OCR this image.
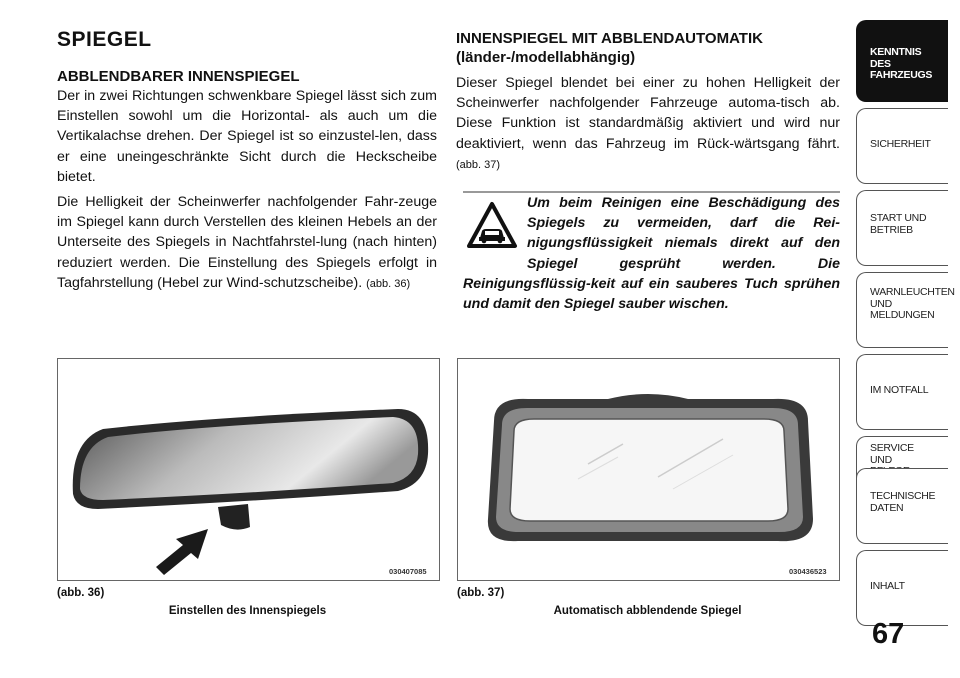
SPIEGEL
ABBLENDBARER INNENSPIEGEL
Der in zwei Richtungen schwenkbare Spiegel lässt sich zum Einstellen sowohl um die Horizontal- als auch um die Vertikalachse drehen. Der Spiegel ist so einzustel-len, dass er eine uneingeschränkte Sicht durch die Heckscheibe bietet.
Die Helligkeit der Scheinwerfer nachfolgender Fahr-zeuge im Spiegel kann durch Verstellen des kleinen Hebels an der Unterseite des Spiegels in Nachtfahrstel-lung (nach hinten) reduziert werden. Die Einstellung des Spiegels erfolgt in Tagfahrstellung (Hebel zur Wind-schutzscheibe). (abb. 36)
INNENSPIEGEL MIT ABBLENDAUTOMATIK
(länder-/modellabhängig)
Dieser Spiegel blendet bei einer zu hohen Helligkeit der Scheinwerfer nachfolgender Fahrzeuge automa-tisch ab. Diese Funktion ist standardmäßig aktiviert und wird nur deaktiviert, wenn das Fahrzeug im Rück-wärtsgang fährt. (abb. 37)
Um beim Reinigen eine Beschädigung des Spiegels zu vermeiden, darf die Rei-nigungsflüssigkeit niemals direkt auf den Spiegel gesprüht werden. Die Reinigungsflüssig-keit auf ein sauberes Tuch sprühen und damit den Spiegel sauber wischen.
030407085
(abb. 36)
Einstellen des Innenspiegels
030436523
(abb. 37)
Automatisch abblendende Spiegel
KENNTNIS
DES
FAHRZEUGS
SICHERHEIT
START UND
BETRIEB
WARNLEUCHTEN
UND
MELDUNGEN
IM NOTFALL
SERVICE
UND
TECHNISCHE
DATEN
INHALT
67
